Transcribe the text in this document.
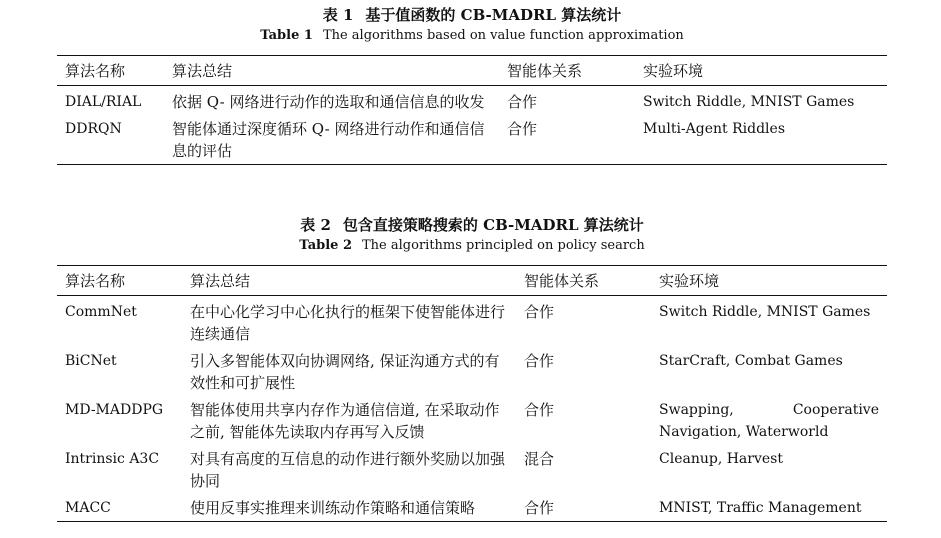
表 1 基于值函数的 CB-MADRL 算法统计
Table 1 The algorithms based on value function approximation
算法名称	算法总结	智能体关系	实验环境
DIAL/RIAL	依据 Q- 网络进行动作的选取和通信信息的收发	合作	Switch Riddle, MNIST Games
DDRQN	智能体通过深度循环 Q- 网络进行动作和通信信息的评估	合作	Multi-Agent Riddles
表 2 包含直接策略搜索的 CB-MADRL 算法统计
Table 2 The algorithms principled on policy search
算法名称	算法总结	智能体关系	实验环境
CommNet	在中心化学习中心化执行的框架下使智能体进行连续通信	合作	Switch Riddle, MNIST Games
BiCNet	引入多智能体双向协调网络, 保证沟通方式的有效性和可扩展性	合作	StarCraft, Combat Games
MD-MADDPG	智能体使用共享内存作为通信信道, 在采取动作之前, 智能体先读取内存再写入反馈	合作	Swapping, Cooperative Navigation, Waterworld
Intrinsic A3C	对具有高度的互信息的动作进行额外奖励以加强协同	混合	Cleanup, Harvest
MACC	使用反事实推理来训练动作策略和通信策略	合作	MNIST, Traffic Management
